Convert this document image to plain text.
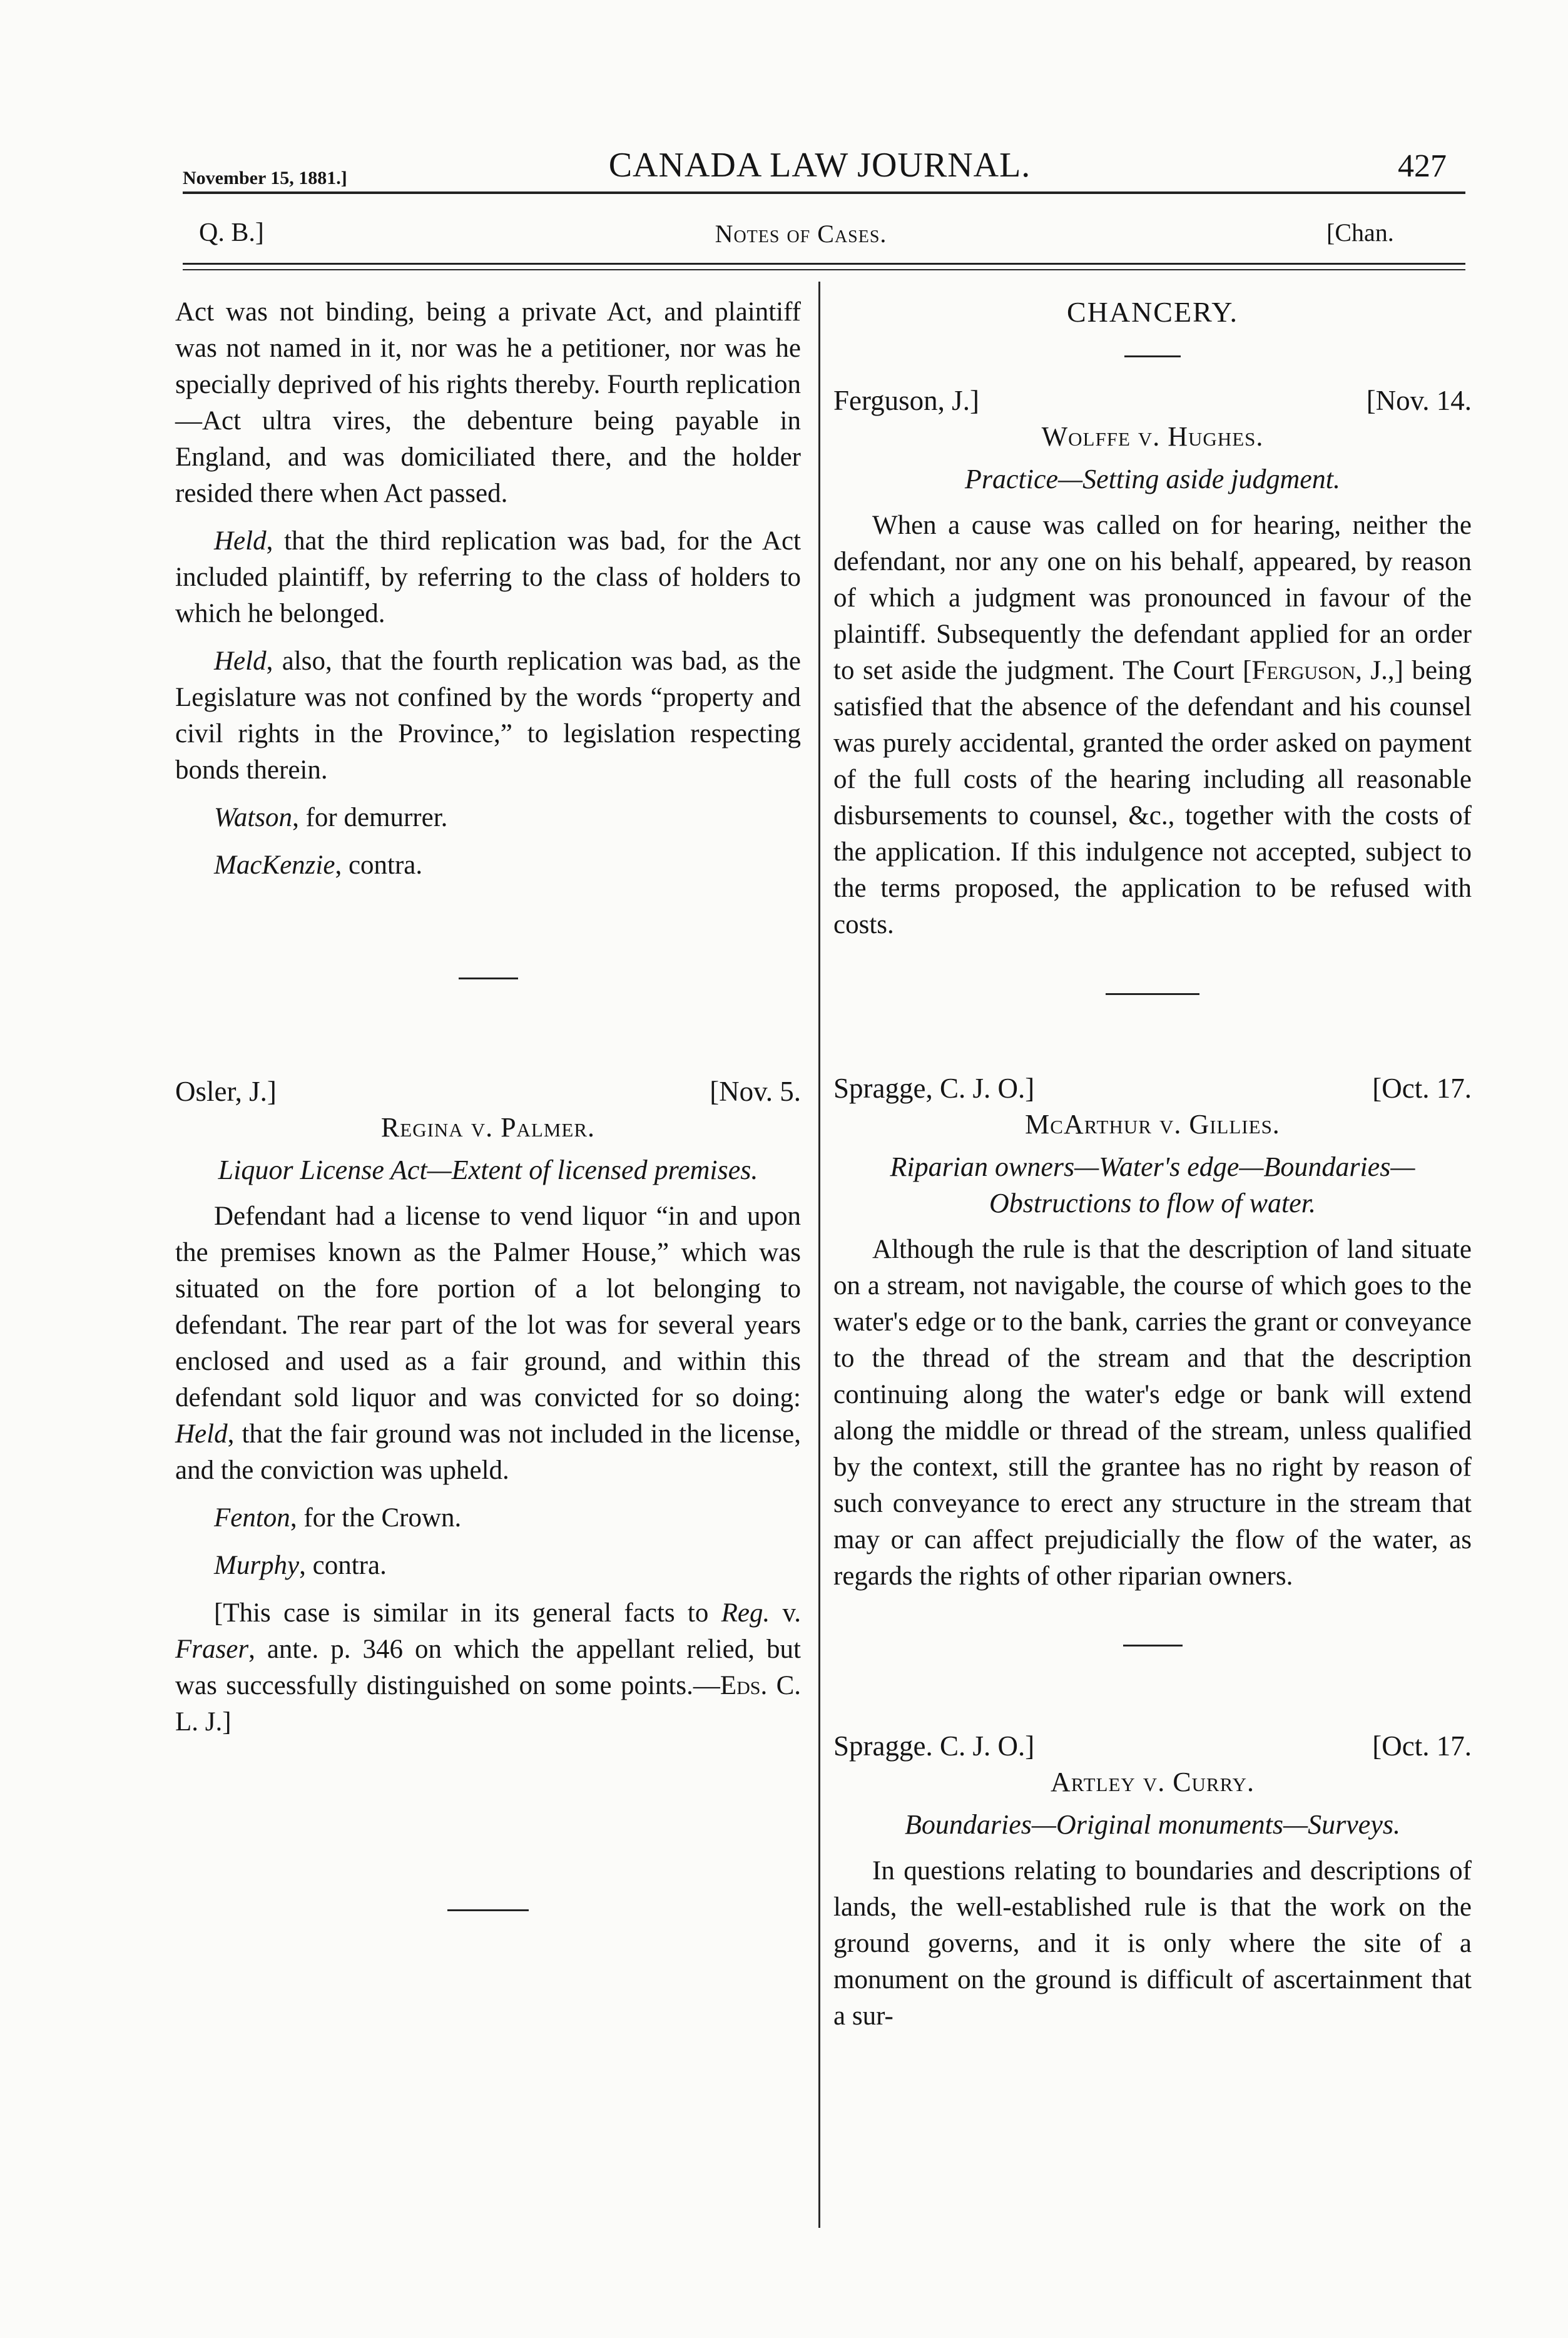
November 15, 1881.]	CANADA LAW JOURNAL.	427
Q. B.]	Notes of Cases.	[Chan.

Act was not binding, being a private Act, and plaintiff was not named in it, nor was he a petitioner, nor was he specially deprived of his rights thereby. Fourth replication—Act ultra vires, the debenture being payable in England, and was domiciliated there, and the holder resided there when Act passed.

Held, that the third replication was bad, for the Act included plaintiff, by referring to the class of holders to which he belonged.

Held, also, that the fourth replication was bad, as the Legislature was not confined by the words “property and civil rights in the Province,” to legislation respecting bonds therein.

Watson, for demurrer.

MacKenzie, contra.

Osler, J.]	[Nov. 5.
Regina v. Palmer.
Liquor License Act—Extent of licensed premises.

Defendant had a license to vend liquor “in and upon the premises known as the Palmer House,” which was situated on the fore portion of a lot belonging to defendant. The rear part of the lot was for several years enclosed and used as a fair ground, and within this defendant sold liquor and was convicted for so doing: Held, that the fair ground was not included in the license, and the conviction was upheld.

Fenton, for the Crown.

Murphy, contra.

[This case is similar in its general facts to Reg. v. Fraser, ante. p. 346 on which the appellant relied, but was successfully distinguished on some points.—Eds. C. L. J.]

CHANCERY.
Ferguson, J.]	[Nov. 14.
Wolffe v. Hughes.
Practice—Setting aside judgment.

When a cause was called on for hearing, neither the defendant, nor any one on his behalf, appeared, by reason of which a judgment was pronounced in favour of the plaintiff. Subsequently the defendant applied for an order to set aside the judgment. The Court [Ferguson, J.,] being satisfied that the absence of the defendant and his counsel was purely accidental, granted the order asked on payment of the full costs of the hearing including all reasonable disbursements to counsel, &c., together with the costs of the application. If this indulgence not accepted, subject to the terms proposed, the application to be refused with costs.

Spragge, C. J. O.]	[Oct. 17.
McArthur v. Gillies.
Riparian owners—Water's edge—Boundaries—Obstructions to flow of water.

Although the rule is that the description of land situate on a stream, not navigable, the course of which goes to the water's edge or to the bank, carries the grant or conveyance to the thread of the stream and that the description continuing along the water's edge or bank will extend along the middle or thread of the stream, unless qualified by the context, still the grantee has no right by reason of such conveyance to erect any structure in the stream that may or can affect prejudicially the flow of the water, as regards the rights of other riparian owners.

Spragge. C. J. O.]	[Oct. 17.
Artley v. Curry.
Boundaries—Original monuments—Surveys.

In questions relating to boundaries and descriptions of lands, the well-established rule is that the work on the ground governs, and it is only where the site of a monument on the ground is difficult of ascertainment that a sur-
